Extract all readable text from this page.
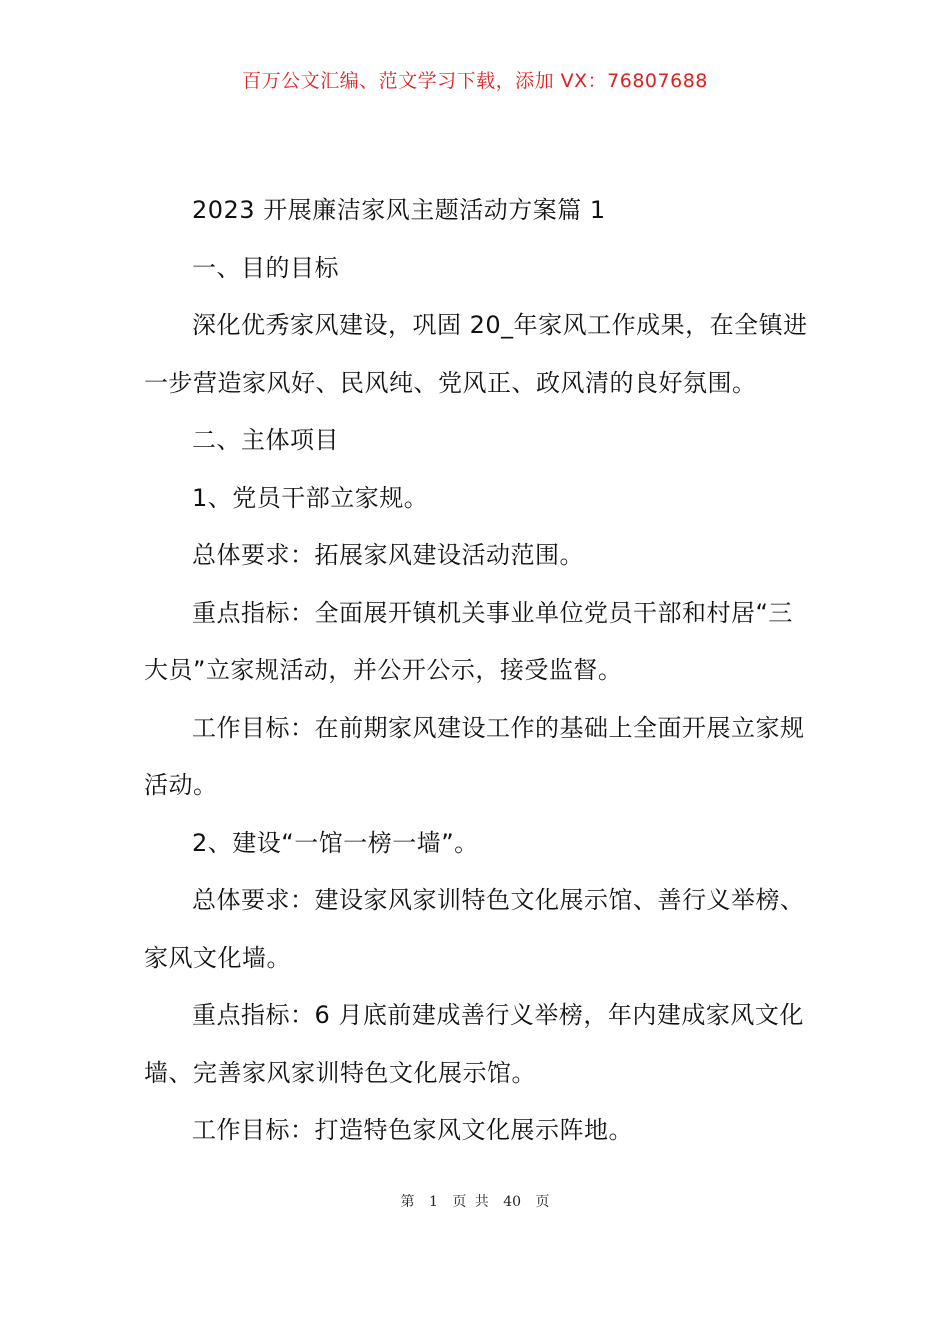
百万公文汇编、范文学习下载，添加 VX：76807688

2023 开展廉洁家风主题活动方案篇 1

一、目的目标

深化优秀家风建设，巩固 20_年家风工作成果，在全镇进一步营造家风好、民风纯、党风正、政风清的良好氛围。

二、主体项目

1、党员干部立家规。

总体要求：拓展家风建设活动范围。

重点指标：全面展开镇机关事业单位党员干部和村居“三大员”立家规活动，并公开公示，接受监督。

工作目标：在前期家风建设工作的基础上全面开展立家规活动。

2、建设“一馆一榜一墙”。

总体要求：建设家风家训特色文化展示馆、善行义举榜、家风文化墙。

重点指标：6 月底前建成善行义举榜，年内建成家风文化墙、完善家风家训特色文化展示馆。

工作目标：打造特色家风文化展示阵地。

第 1 页 共 40 页
